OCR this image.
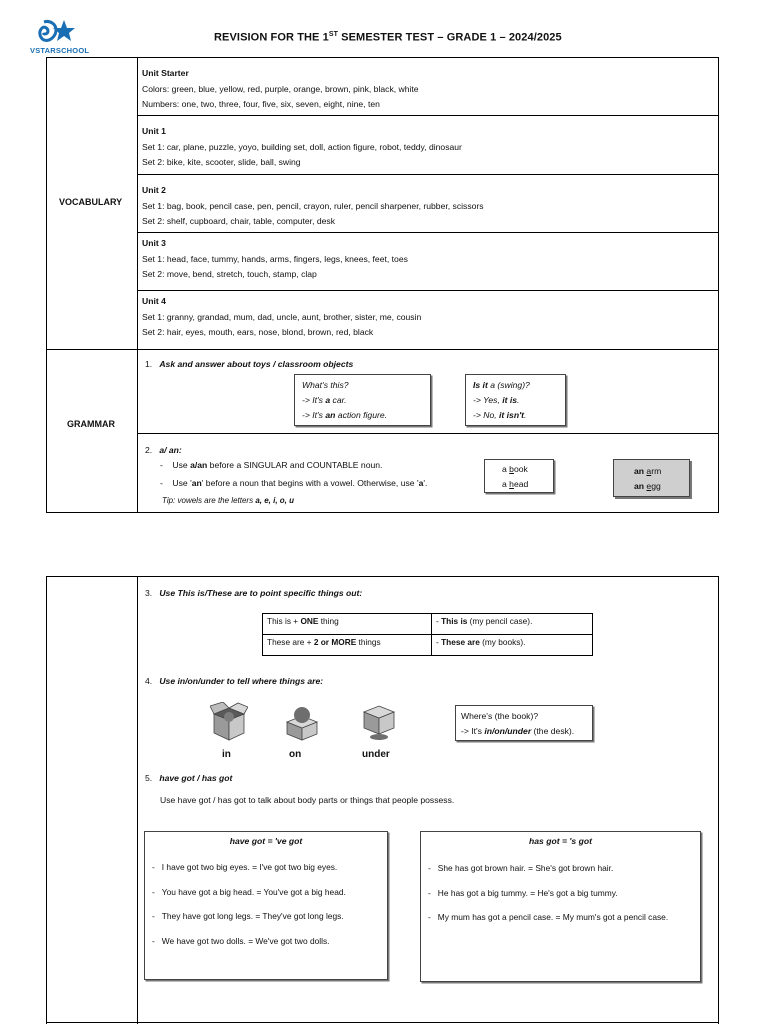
VSTARSCHOOL
REVISION FOR THE 1ST SEMESTER TEST – GRADE 1 – 2024/2025
VOCABULARY
Unit Starter
Colors: green, blue, yellow, red, purple, orange, brown, pink, black, white
Numbers: one, two, three, four, five, six, seven, eight, nine, ten
Unit 1
Set 1: car, plane, puzzle, yoyo, building set, doll, action figure, robot, teddy, dinosaur
Set 2: bike, kite, scooter, slide, ball, swing
Unit 2
Set 1: bag, book, pencil case, pen, pencil, crayon, ruler, pencil sharpener, rubber, scissors
Set 2: shelf, cupboard, chair, table, computer, desk
Unit 3
Set 1: head, face, tummy, hands, arms, fingers, legs, knees, feet, toes
Set 2: move, bend, stretch, touch, stamp, clap
Unit 4
Set 1: granny, grandad, mum, dad, uncle, aunt, brother, sister, me, cousin
Set 2: hair, eyes, mouth, ears, nose, blond, brown, red, black
GRAMMAR
1. Ask and answer about toys / classroom objects
What's this?
-> It's a car.
-> It's an action figure.
Is it a (swing)?
-> Yes, it is.
-> No, it isn't.
2. a/ an:
-    Use a/an before a SINGULAR and COUNTABLE noun.
-    Use 'an' before a noun that begins with a vowel. Otherwise, use 'a'.
Tip: vowels are the letters a, e, i, o, u
a book
a head
an arm
an egg
3. Use This is/These are to point specific things out:
This is + ONE thing	- This is (my pencil case).
These are + 2 or MORE things	- These are (my books).
4. Use in/on/under to tell where things are:
in	on	under
Where's (the book)?
-> It's in/on/under (the desk).
5. have got / has got
Use have got / has got to talk about body parts or things that people possess.
have got = 've got
-   I have got two big eyes. = I've got two big eyes.
-   You have got a big head. = You've got a big head.
-   They have got long legs. = They've got long legs.
-   We have got two dolls. = We've got two dolls.
has got = 's got
-   She has got brown hair. = She's got brown hair.
-   He has got a big tummy. = He's got a big tummy.
-   My mum has got a pencil case. = My mum's got a pencil case.
